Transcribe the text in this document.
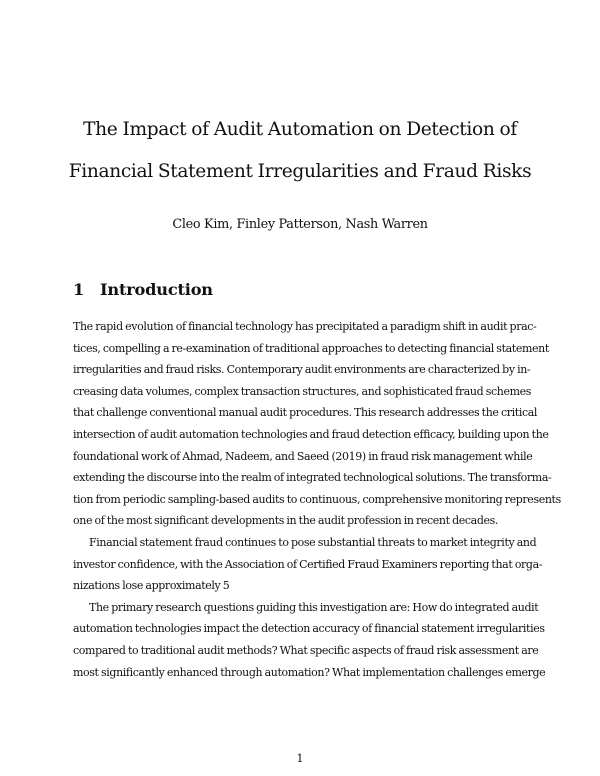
The Impact of Audit Automation on Detection of

Financial Statement Irregularities and Fraud Risks

Cleo Kim, Finley Patterson, Nash Warren
1 Introduction
The rapid evolution of financial technology has precipitated a paradigm shift in audit prac-
tices, compelling a re-examination of traditional approaches to detecting financial statement
irregularities and fraud risks. Contemporary audit environments are characterized by in-
creasing data volumes, complex transaction structures, and sophisticated fraud schemes
that challenge conventional manual audit procedures. This research addresses the critical
intersection of audit automation technologies and fraud detection efficacy, building upon the
foundational work of Ahmad, Nadeem, and Saeed (2019) in fraud risk management while
extending the discourse into the realm of integrated technological solutions. The transforma-
tion from periodic sampling-based audits to continuous, comprehensive monitoring represents
one of the most significant developments in the audit profession in recent decades.
Financial statement fraud continues to pose substantial threats to market integrity and
investor confidence, with the Association of Certified Fraud Examiners reporting that orga-
nizations lose approximately 5
The primary research questions guiding this investigation are: How do integrated audit
automation technologies impact the detection accuracy of financial statement irregularities
compared to traditional audit methods? What specific aspects of fraud risk assessment are
most significantly enhanced through automation? What implementation challenges emerge
1
